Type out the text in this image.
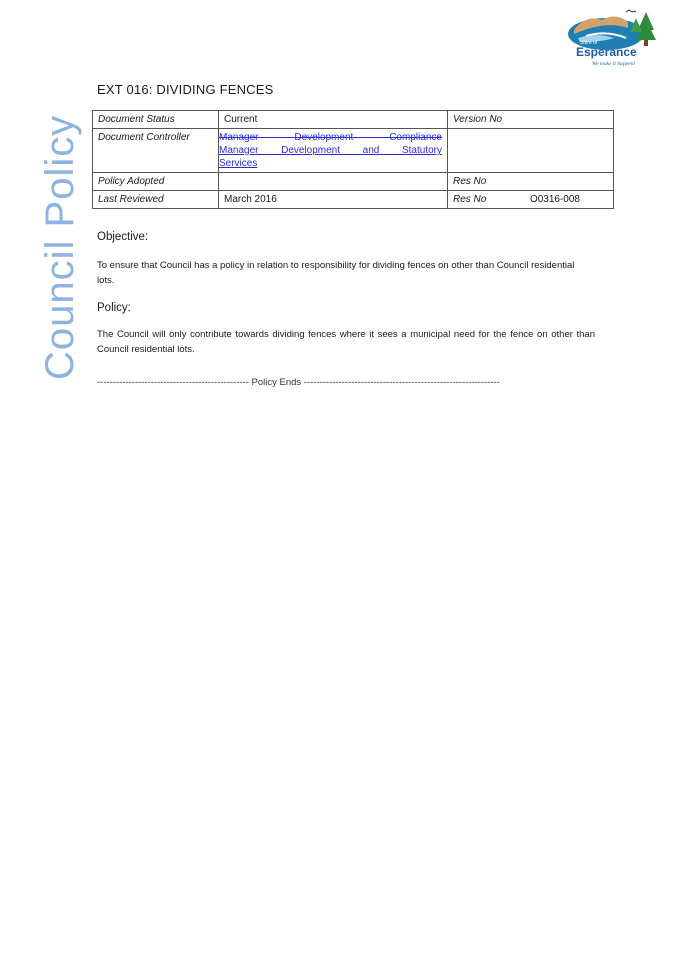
Council Policy
Shire of
Esperance
We make it happen!
EXT 016: DIVIDING FENCES
Document Status	Current	Version No
Document Controller	Manager Development Compliance
Manager Development and Statutory
Services	

Policy Adopted		Res No
Last Reviewed	March 2016	Res No O0316-008
Objective:
To ensure that Council has a policy in relation to responsibility for dividing fences on other than Council residential lots.
Policy:
The Council will only contribute towards dividing fences where it sees a municipal need for the fence on other than Council residential lots.
------------------------------------------------ Policy Ends --------------------------------------------------------------
